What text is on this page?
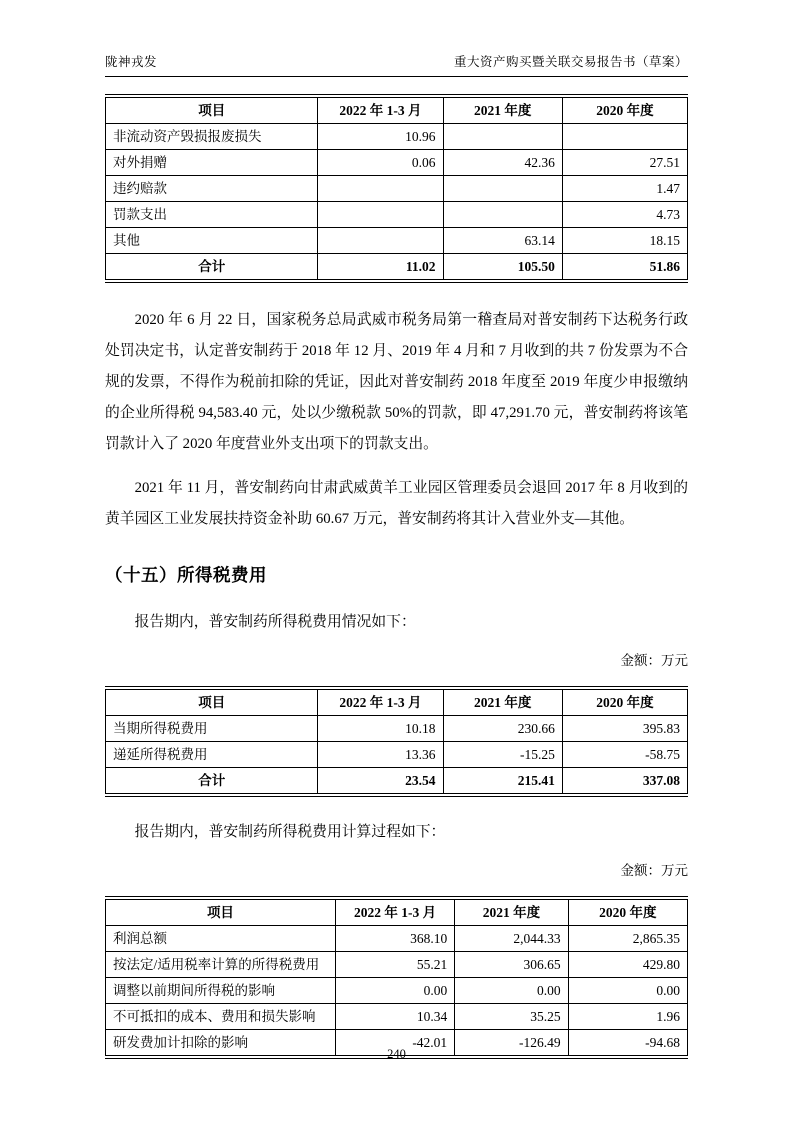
陇神戎发	重大资产购买暨关联交易报告书（草案）
项目	2022 年 1-3 月	2021 年度	2020 年度
非流动资产毁损报废损失	10.96		
对外捐赠	0.06	42.36	27.51
违约赔款			1.47
罚款支出			4.73
其他		63.14	18.15
合计	11.02	105.50	51.86

2020 年 6 月 22 日，国家税务总局武威市税务局第一稽查局对普安制药下达税务行政处罚决定书，认定普安制药于 2018 年 12 月、2019 年 4 月和 7 月收到的共 7 份发票为不合规的发票，不得作为税前扣除的凭证，因此对普安制药 2018 年度至 2019 年度少申报缴纳的企业所得税 94,583.40 元，处以少缴税款 50%的罚款，即 47,291.70 元，普安制药将该笔罚款计入了 2020 年度营业外支出项下的罚款支出。

2021 年 11 月，普安制药向甘肃武威黄羊工业园区管理委员会退回 2017 年 8 月收到的黄羊园区工业发展扶持资金补助 60.67 万元，普安制药将其计入营业外支—其他。

（十五）所得税费用

报告期内，普安制药所得税费用情况如下：

金额：万元
项目	2022 年 1-3 月	2021 年度	2020 年度
当期所得税费用	10.18	230.66	395.83
递延所得税费用	13.36	-15.25	-58.75
合计	23.54	215.41	337.08

报告期内，普安制药所得税费用计算过程如下：

金额：万元
项目	2022 年 1-3 月	2021 年度	2020 年度
利润总额	368.10	2,044.33	2,865.35
按法定/适用税率计算的所得税费用	55.21	306.65	429.80
调整以前期间所得税的影响	0.00	0.00	0.00
不可抵扣的成本、费用和损失影响	10.34	35.25	1.96
研发费加计扣除的影响	-42.01	-126.49	-94.68
240
